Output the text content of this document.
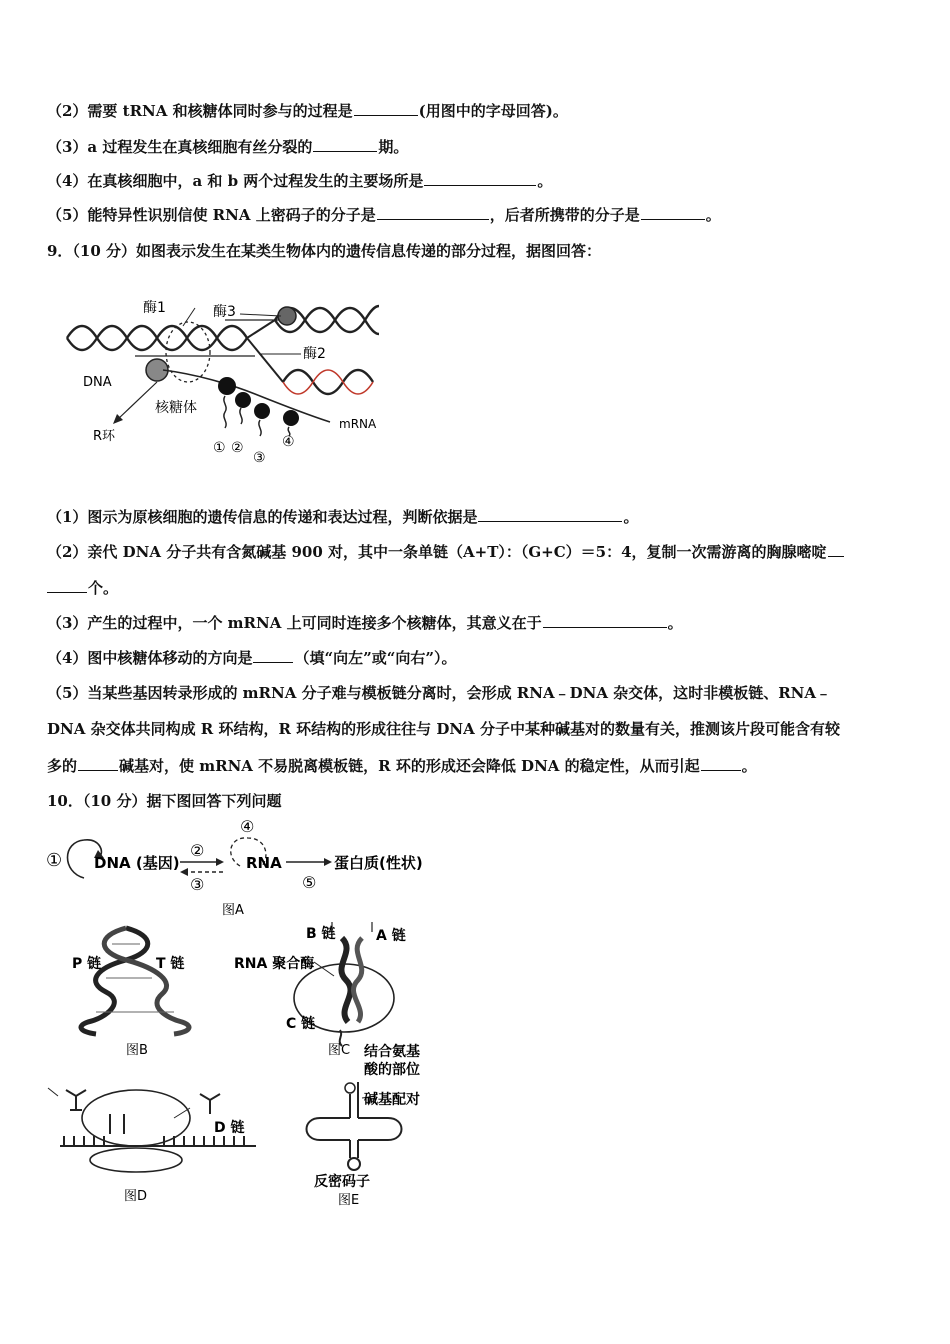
（2）需要 tRNA 和核糖体同时参与的过程是	(用图中的字母回答)。
（3）a 过程发生在真核细胞有丝分裂的	期。
（4）在真核细胞中，a 和 b 两个过程发生的主要场所是	。
（5）能特异性识别信使 RNA 上密码子的分子是	，后者所携带的分子是	。
9．（10 分）如图表示发生在某类生物体内的遗传信息传递的部分过程，据图回答：
酶1	酶3
酶2
DNA
核糖体
R环
mRNA
① ②
③
④
（1）图示为原核细胞的遗传信息的传递和表达过程，判断依据是	。
（2）亲代 DNA 分子共有含氮碱基 900 对，其中一条单链（A+T）：（G+C）＝5：4，复制一次需游离的胸腺嘧啶
个。
（3）产生的过程中，一个 mRNA 上可同时连接多个核糖体，其意义在于	。
（4）图中核糖体移动的方向是	（填“向左”或“向右”）。
（5）当某些基因转录形成的 mRNA 分子难与模板链分离时，会形成 RNA﹣DNA 杂交体，这时非模板链、RNA﹣
DNA 杂交体共同构成 R 环结构，R 环结构的形成往往与 DNA 分子中某种碱基对的数量有关，推测该片段可能含有较
多的	碱基对，使 mRNA 不易脱离模板链，R 环的形成还会降低 DNA 的稳定性，从而引起	。
10．（10 分）据下图回答下列问题
① DNA (基因)
②
③
④
RNA
⑤
蛋白质(性状)
图A
P 链	T 链
图B
B 链	A 链
RNA 聚合酶
C 链
图C
D 链
图D
结合氨基
酸的部位
碱基配对
反密码子
图E
